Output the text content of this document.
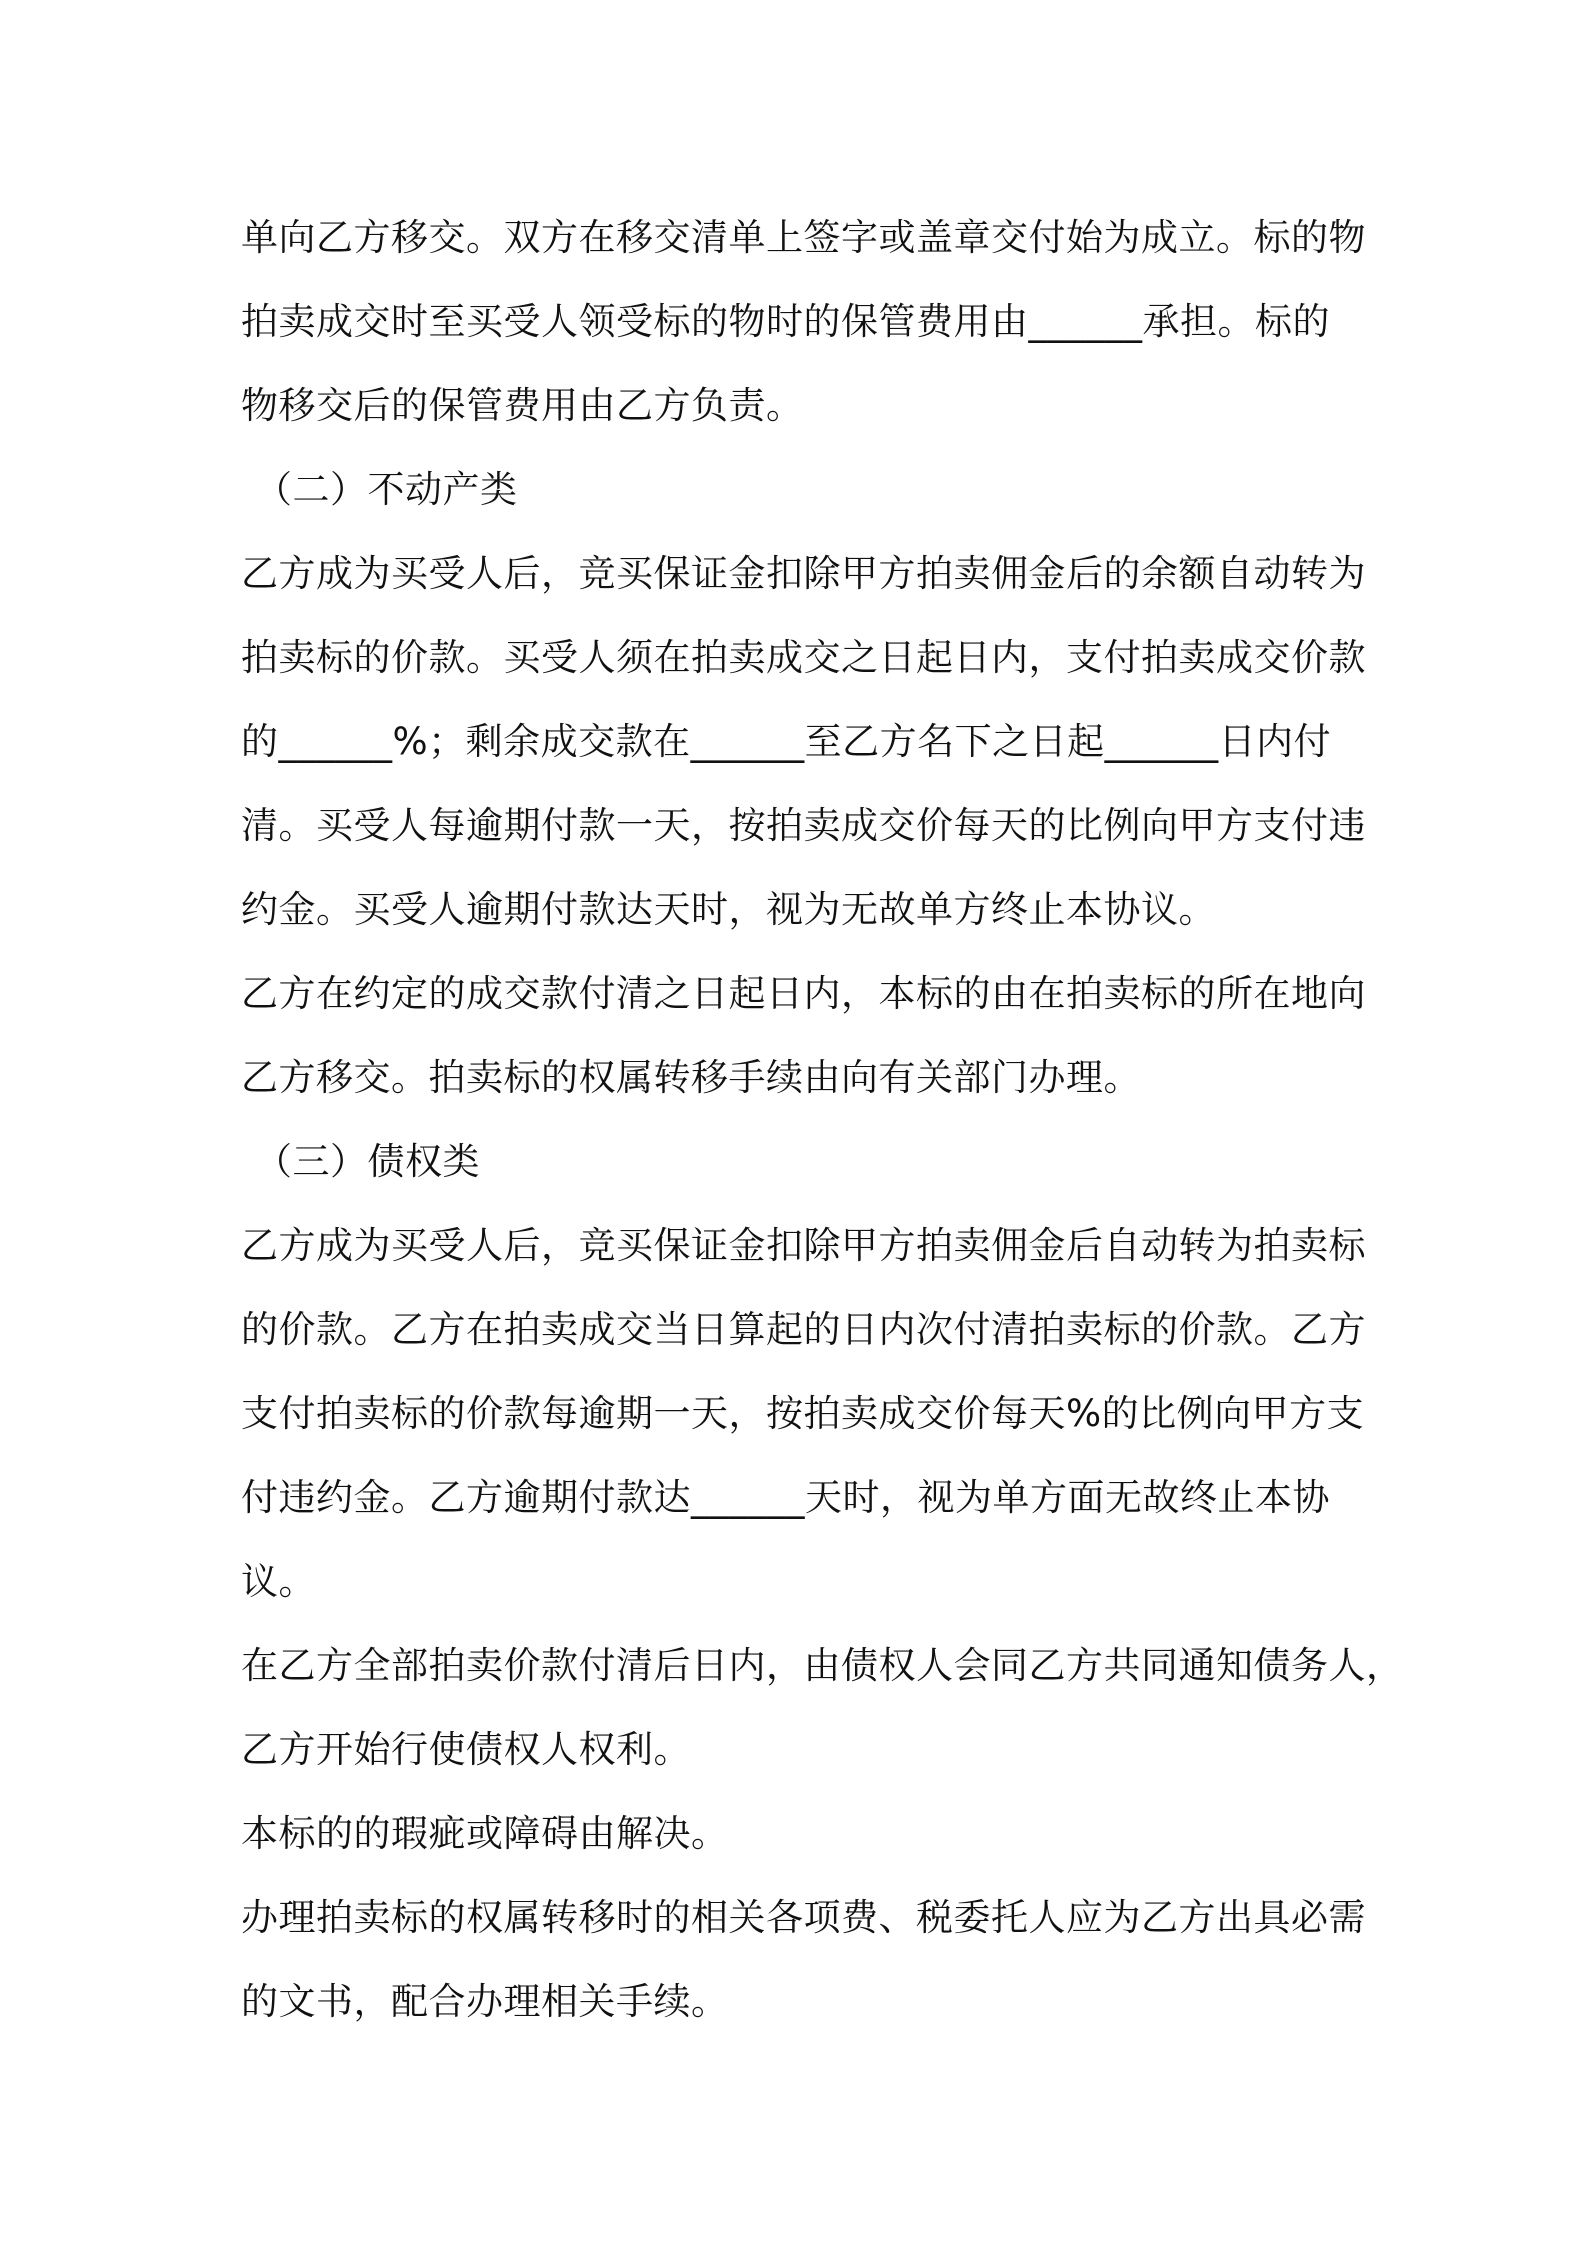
单向乙方移交。双方在移交清单上签字或盖章交付始为成立。标的物
拍卖成交时至买受人领受标的物时的保管费用由______承担。标的
物移交后的保管费用由乙方负责。
（二）不动产类
乙方成为买受人后，竞买保证金扣除甲方拍卖佣金后的余额自动转为
拍卖标的价款。买受人须在拍卖成交之日起日内，支付拍卖成交价款
的______%；剩余成交款在______至乙方名下之日起______日内付
清。买受人每逾期付款一天，按拍卖成交价每天的比例向甲方支付违
约金。买受人逾期付款达天时，视为无故单方终止本协议。
乙方在约定的成交款付清之日起日内，本标的由在拍卖标的所在地向
乙方移交。拍卖标的权属转移手续由向有关部门办理。
（三）债权类
乙方成为买受人后，竞买保证金扣除甲方拍卖佣金后自动转为拍卖标
的价款。乙方在拍卖成交当日算起的日内次付清拍卖标的价款。乙方
支付拍卖标的价款每逾期一天，按拍卖成交价每天%的比例向甲方支
付违约金。乙方逾期付款达______天时，视为单方面无故终止本协
议。
在乙方全部拍卖价款付清后日内，由债权人会同乙方共同通知债务人，
乙方开始行使债权人权利。
本标的的瑕疵或障碍由解决。
办理拍卖标的权属转移时的相关各项费、税委托人应为乙方出具必需
的文书，配合办理相关手续。
